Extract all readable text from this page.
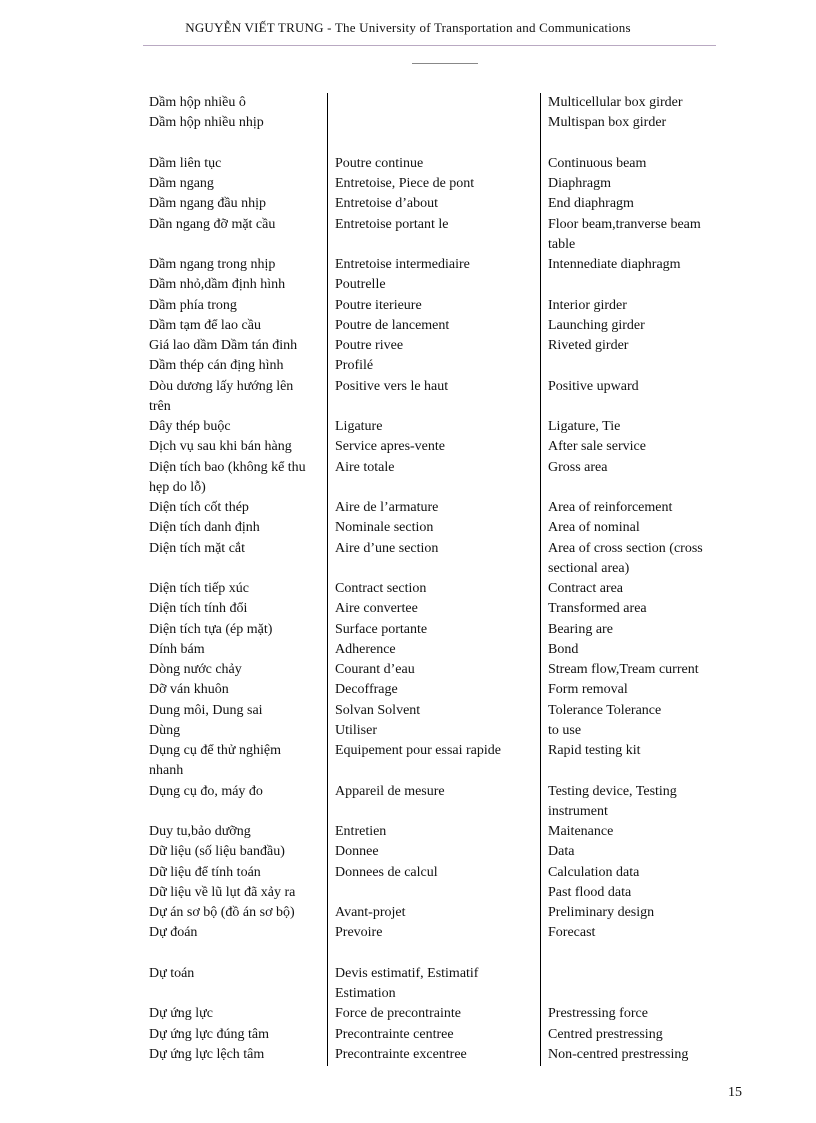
NGUYỄN VIẾT TRUNG - The University of Transportation and Communications
Dầm hộp nhiều ô
Dầm hộp nhiều nhịp
Dầm liên tục
Dầm ngang
Dầm ngang đầu nhịp
Dần ngang đỡ mặt cầu
Dầm ngang trong nhịp
Dầm nhỏ,dầm định hình
Dầm phía trong
Dầm tạm để lao cầu
Giá lao dầm Dầm tán đinh
Dầm thép cán địng hình
Dòu dương lấy hướng lên
trên
Dây thép buộc
Dịch vụ sau khi bán hàng
Diện tích bao (không kể thu
hẹp do lỗ)
Diện tích cốt thép
Diện tích danh định
Diện tích mặt cắt
Diện tích tiếp xúc
Diện tích tính đổi
Diện tích tựa (ép mặt)
Dính bám
Dòng nước chảy
Dỡ ván khuôn
Dung môi, Dung sai
Dùng
Dụng cụ để thử nghiệm
nhanh
Dụng cụ đo, máy đo
Duy tu,bảo dưỡng
Dữ liệu (số liệu banđầu)
Dữ liệu để tính toán
Dữ liệu về lũ lụt đã xảy ra
Dự án sơ bộ (đồ án sơ bộ)
Dự đoán
Dự toán
Dự ứng lực
Dự ứng lực đúng tâm
Dự ứng lực lệch tâm
Poutre continue
Entretoise, Piece de pont
Entretoise d’about
Entretoise portant le
Entretoise intermediaire
Poutrelle
Poutre iterieure
Poutre de lancement
Poutre rivee
Profilé
Positive vers le haut
Ligature
Service apres-vente
Aire totale
Aire de l’armature
Nominale section
Aire d’une section
Contract section
Aire convertee
Surface portante
Adherence
Courant d’eau
Decoffrage
Solvan Solvent
Utiliser
Equipement pour essai rapide
Appareil de mesure
Entretien
Donnee
Donnees de calcul
Avant-projet
Prevoire
Devis estimatif, Estimatif
Estimation
Force de precontrainte
Precontrainte centree
Precontrainte excentree
Multicellular box girder
Multispan box girder
Continuous beam
Diaphragm
End diaphragm
Floor beam,tranverse beam
table
Intennediate diaphragm
Interior girder
Launching girder
Riveted girder
Positive upward
Ligature, Tie
After sale service
Gross area
Area of reinforcement
Area of nominal
Area of cross section (cross
sectional area)
Contract area
Transformed area
Bearing are
Bond
Stream flow,Tream current
Form removal
Tolerance Tolerance
to use
Rapid testing kit
Testing device, Testing
instrument
Maitenance
Data
Calculation data
Past flood data
Preliminary design
Forecast
Prestressing force
Centred prestressing
Non-centred prestressing
15
